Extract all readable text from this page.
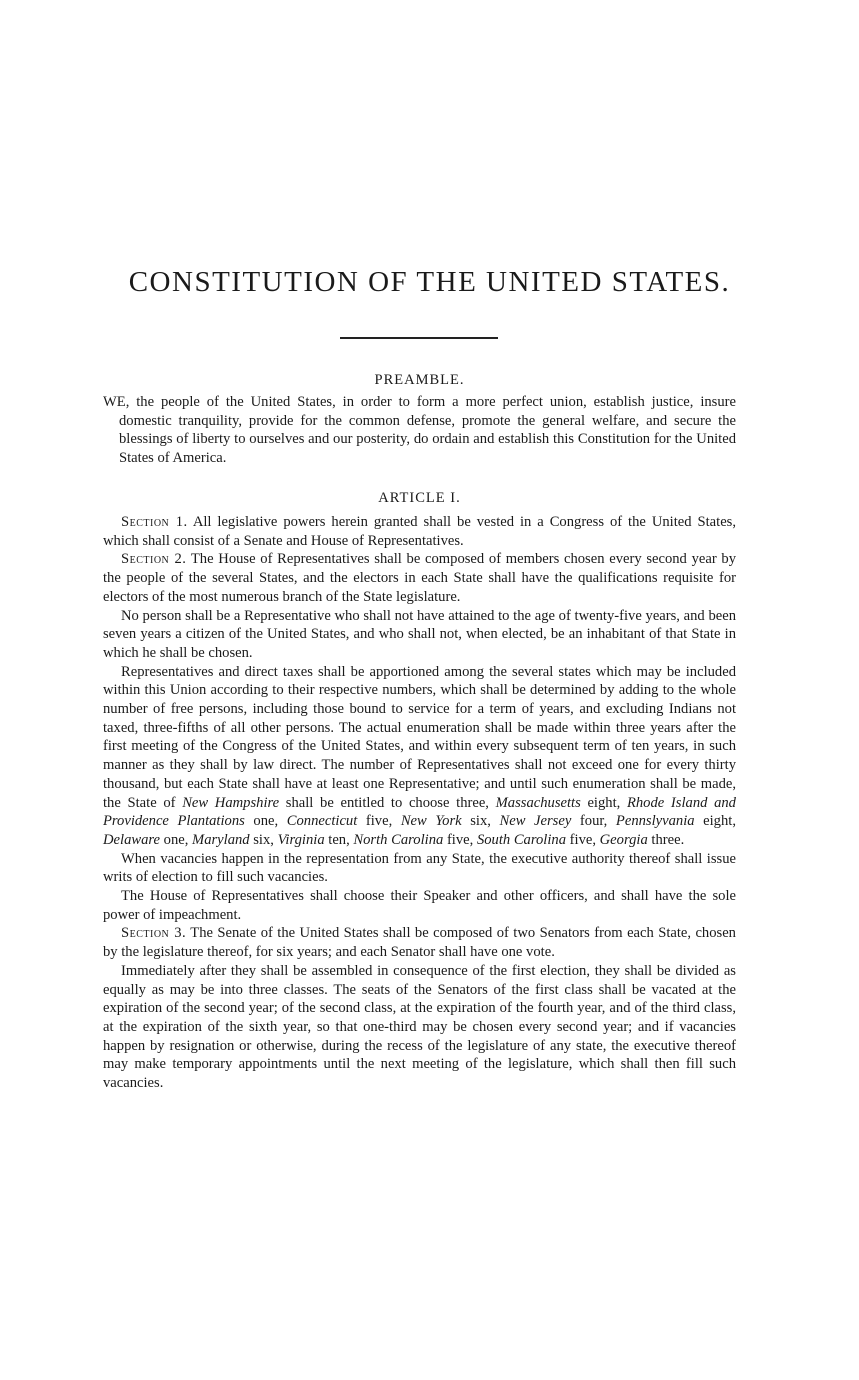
CONSTITUTION OF THE UNITED STATES.

PREAMBLE.

WE, the people of the United States, in order to form a more perfect union, establish justice, insure domestic tranquility, provide for the common defense, promote the general welfare, and secure the blessings of liberty to ourselves and our posterity, do ordain and establish this Constitution for the United States of America.

ARTICLE I.

Section 1. All legislative powers herein granted shall be vested in a Congress of the United States, which shall consist of a Senate and House of Representatives.

Section 2. The House of Representatives shall be composed of members chosen every second year by the people of the several States, and the electors in each State shall have the qualifications requisite for electors of the most numerous branch of the State legislature.

No person shall be a Representative who shall not have attained to the age of twenty-five years, and been seven years a citizen of the United States, and who shall not, when elected, be an inhabitant of that State in which he shall be chosen.

Representatives and direct taxes shall be apportioned among the several states which may be included within this Union according to their respective numbers, which shall be determined by adding to the whole number of free persons, including those bound to service for a term of years, and excluding Indians not taxed, three-fifths of all other persons. The actual enumeration shall be made within three years after the first meeting of the Congress of the United States, and within every subsequent term of ten years, in such manner as they shall by law direct. The number of Representatives shall not exceed one for every thirty thousand, but each State shall have at least one Representative; and until such enumeration shall be made, the State of New Hampshire shall be entitled to choose three, Massachusetts eight, Rhode Island and Providence Plantations one, Connecticut five, New York six, New Jersey four, Pennslyvania eight, Delaware one, Maryland six, Virginia ten, North Carolina five, South Carolina five, Georgia three.

When vacancies happen in the representation from any State, the executive authority thereof shall issue writs of election to fill such vacancies.

The House of Representatives shall choose their Speaker and other officers, and shall have the sole power of impeachment.

Section 3. The Senate of the United States shall be composed of two Senators from each State, chosen by the legislature thereof, for six years; and each Senator shall have one vote.

Immediately after they shall be assembled in consequence of the first election, they shall be divided as equally as may be into three classes. The seats of the Senators of the first class shall be vacated at the expiration of the second year; of the second class, at the expiration of the fourth year, and of the third class, at the expiration of the sixth year, so that one-third may be chosen every second year; and if vacancies happen by resignation or otherwise, during the recess of the legislature of any state, the executive thereof may make temporary appointments until the next meeting of the legislature, which shall then fill such vacancies.
